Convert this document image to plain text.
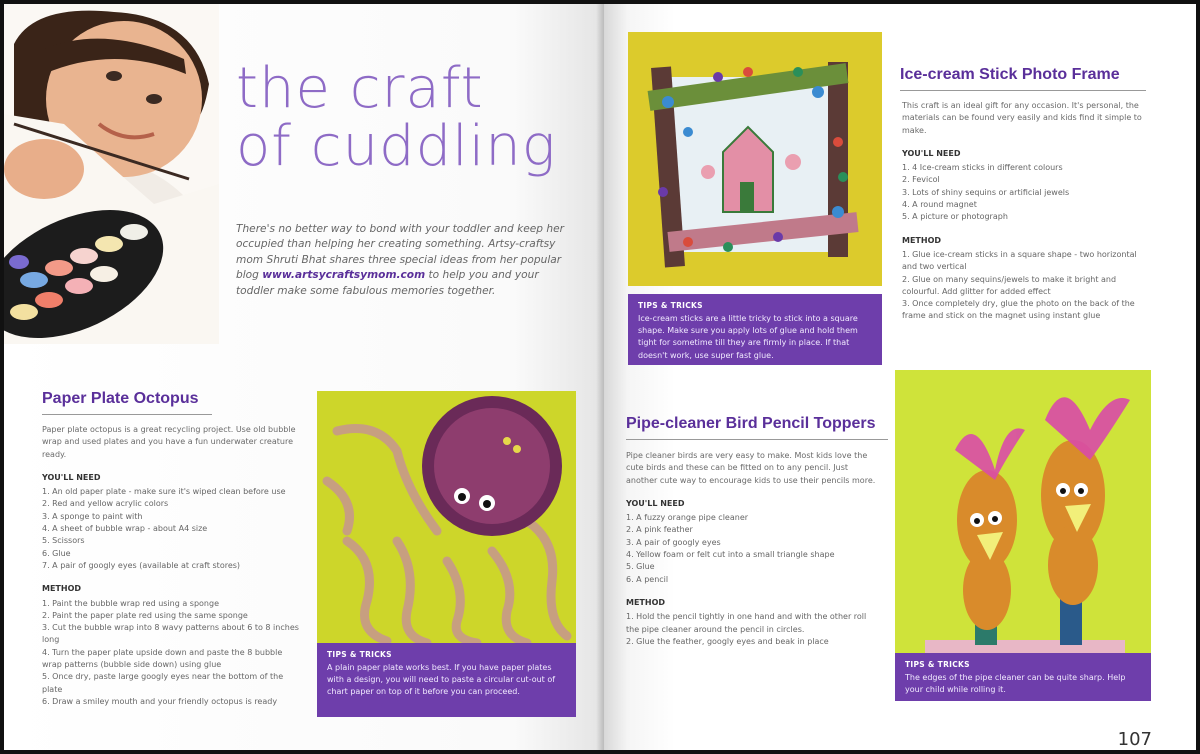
the craft
of cuddling

There's no better way to bond with your toddler and keep her occupied than helping her creating something. Artsy-craftsy mom Shruti Bhat shares three special ideas from her popular blog www.artsycraftsymom.com to help you and your toddler make some fabulous memories together.

Paper Plate Octopus

Paper plate octopus is a great recycling project. Use old bubble wrap and used plates and you have a fun underwater creature ready.

YOU'LL NEED

1. An old paper plate - make sure it's wiped clean before use
2. Red and yellow acrylic colors
3. A sponge to paint with
4. A sheet of bubble wrap - about A4 size
5. Scissors
6. Glue
7. A pair of googly eyes (available at craft stores)

METHOD

1. Paint the bubble wrap red using a sponge
2. Paint the paper plate red using the same sponge
3. Cut the bubble wrap into 8 wavy patterns about 6 to 8 inches long
4. Turn the paper plate upside down and paste the 8 bubble wrap patterns (bubble side down) using glue
5. Once dry, paste large googly eyes near the bottom of the plate
6. Draw a smiley mouth and your friendly octopus is ready
TIPS & TRICKS
A plain paper plate works best. If you have paper plates with a design, you will need to paste a circular cut-out of chart paper on top of it before you can proceed.
TIPS & TRICKS
Ice-cream sticks are a little tricky to stick into a square shape. Make sure you apply lots of glue and hold them tight for sometime till they are firmly in place. If that doesn't work, use super fast glue.
Ice-cream Stick Photo Frame

This craft is an ideal gift for any occasion. It's personal, the materials can be found very easily and kids find it simple to make.

YOU'LL NEED

1. 4 Ice-cream sticks in different colours
2. Fevicol
3. Lots of shiny sequins or artificial jewels
4. A round magnet
5. A picture or photograph

METHOD

1. Glue ice-cream sticks in a square shape - two horizontal and two vertical
2. Glue on many sequins/jewels to make it bright and colourful. Add glitter for added effect
3. Once completely dry, glue the photo on the back of the frame and stick on the magnet using instant glue
Pipe-cleaner Bird Pencil Toppers

Pipe cleaner birds are very easy to make. Most kids love the cute birds and these can be fitted on to any pencil. Just another cute way to encourage kids to use their pencils more.

YOU'LL NEED

1. A fuzzy orange pipe cleaner
2. A pink feather
3. A pair of googly eyes
4. Yellow foam or felt cut into a small triangle shape
5. Glue
6. A pencil

METHOD

1. Hold the pencil tightly in one hand and with the other roll the pipe cleaner around the pencil in circles.
2. Glue the feather, googly eyes and beak in place
TIPS & TRICKS
The edges of the pipe cleaner can be quite sharp. Help your child while rolling it.
107
